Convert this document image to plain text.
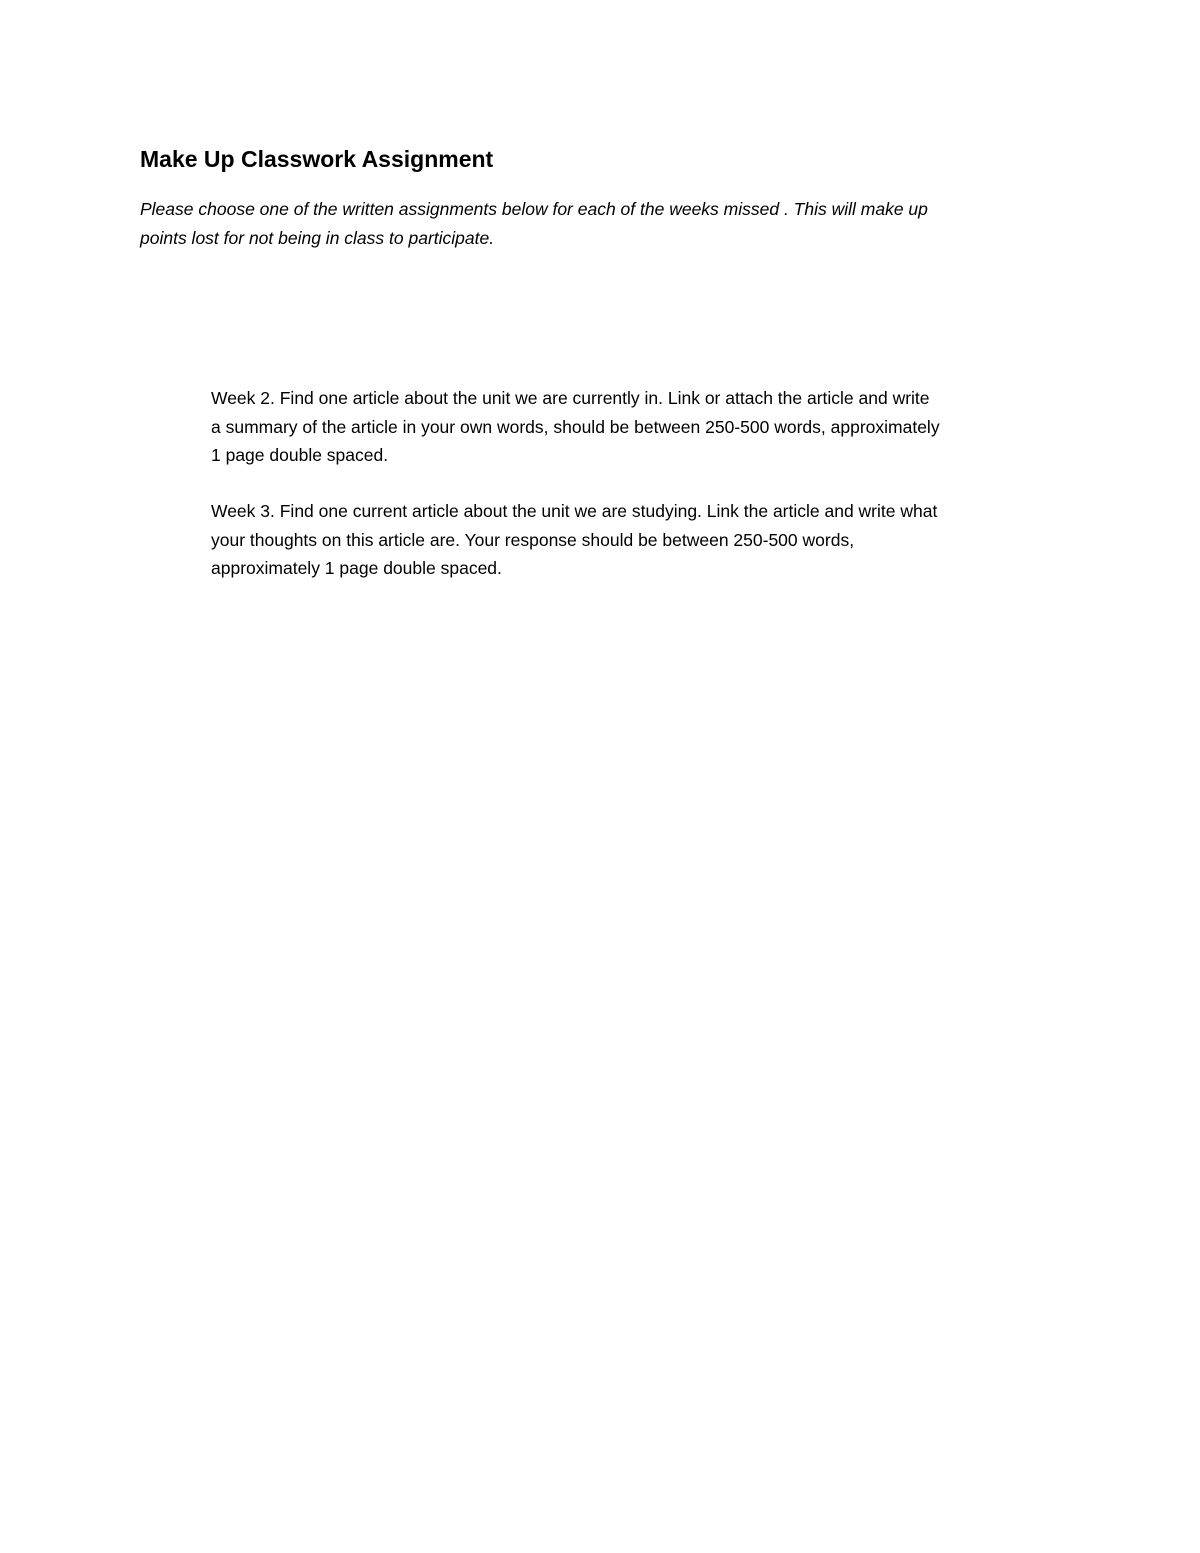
Make Up Classwork Assignment

Please choose one of the written assignments below for each of the weeks missed . This will make up
points lost for not being in class to participate.

Week 2. Find one article about the unit we are currently in. Link or attach the article and write
a summary of the article in your own words, should be between 250-500 words, approximately
1 page double spaced.

Week 3. Find one current article about the unit we are studying. Link the article and write what
your thoughts on this article are. Your response should be between 250-500 words,
approximately 1 page double spaced.
